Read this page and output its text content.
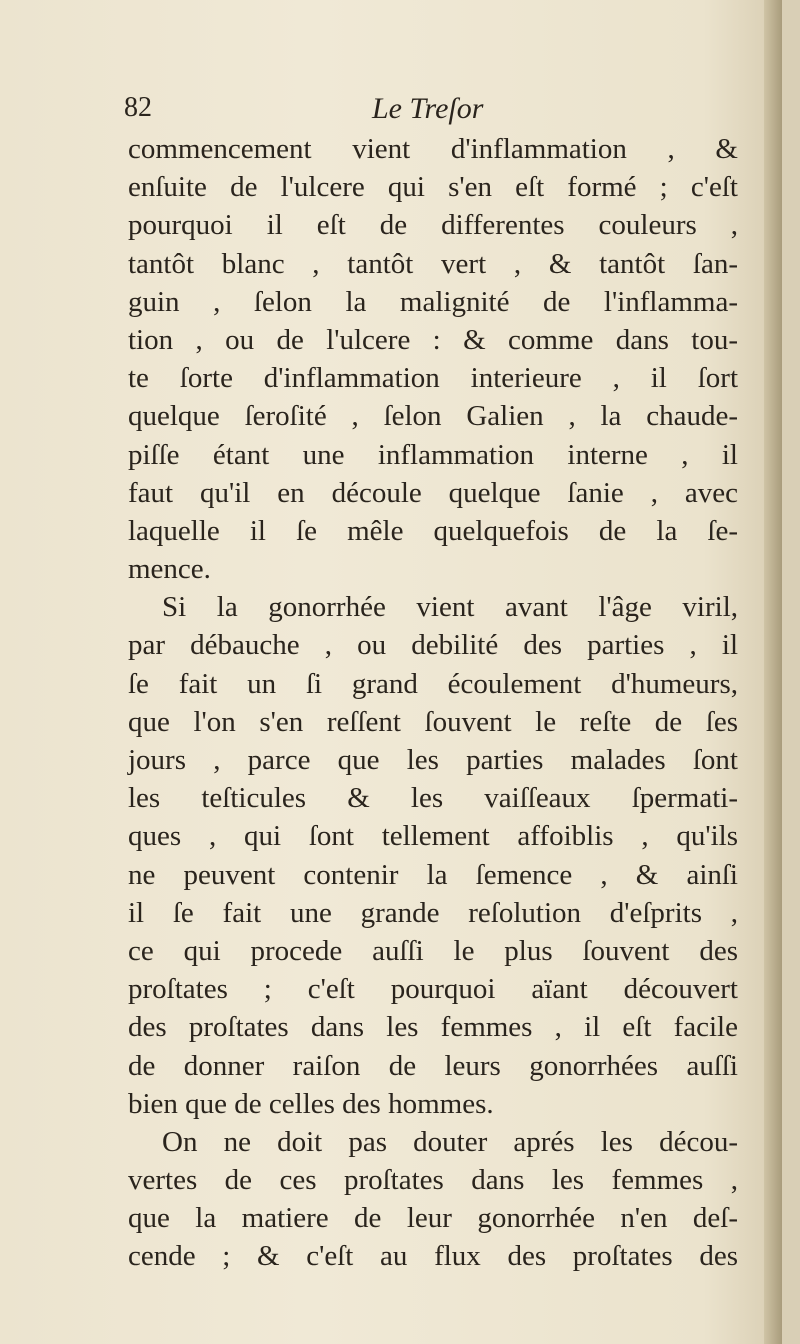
82	Le Treſor
commencement vient d'inflammation , &
enſuite de l'ulcere qui s'en eſt formé ; c'eſt
pourquoi il eſt de differentes couleurs ,
tantôt blanc , tantôt vert , & tantôt ſan-
guin , ſelon la malignité de l'inflamma-
tion , ou de l'ulcere : & comme dans tou-
te ſorte d'inflammation interieure , il ſort
quelque ſeroſité , ſelon Galien , la chaude-
piſſe étant une inflammation interne , il
faut qu'il en découle quelque ſanie , avec
laquelle il ſe mêle quelquefois de la ſe-
mence.
Si la gonorrhée vient avant l'âge viril,
par débauche , ou debilité des parties , il
ſe fait un ſi grand écoulement d'humeurs,
que l'on s'en reſſent ſouvent le reſte de ſes
jours , parce que les parties malades ſont
les teſticules & les vaiſſeaux ſpermati-
ques , qui ſont tellement affoiblis , qu'ils
ne peuvent contenir la ſemence , & ainſi
il ſe fait une grande reſolution d'eſprits ,
ce qui procede auſſi le plus ſouvent des
proſtates ; c'eſt pourquoi aïant découvert
des proſtates dans les femmes , il eſt facile
de donner raiſon de leurs gonorrhées auſſi
bien que de celles des hommes.
On ne doit pas douter aprés les décou-
vertes de ces proſtates dans les femmes ,
que la matiere de leur gonorrhée n'en deſ-
cende ; & c'eſt au flux des proſtates des
